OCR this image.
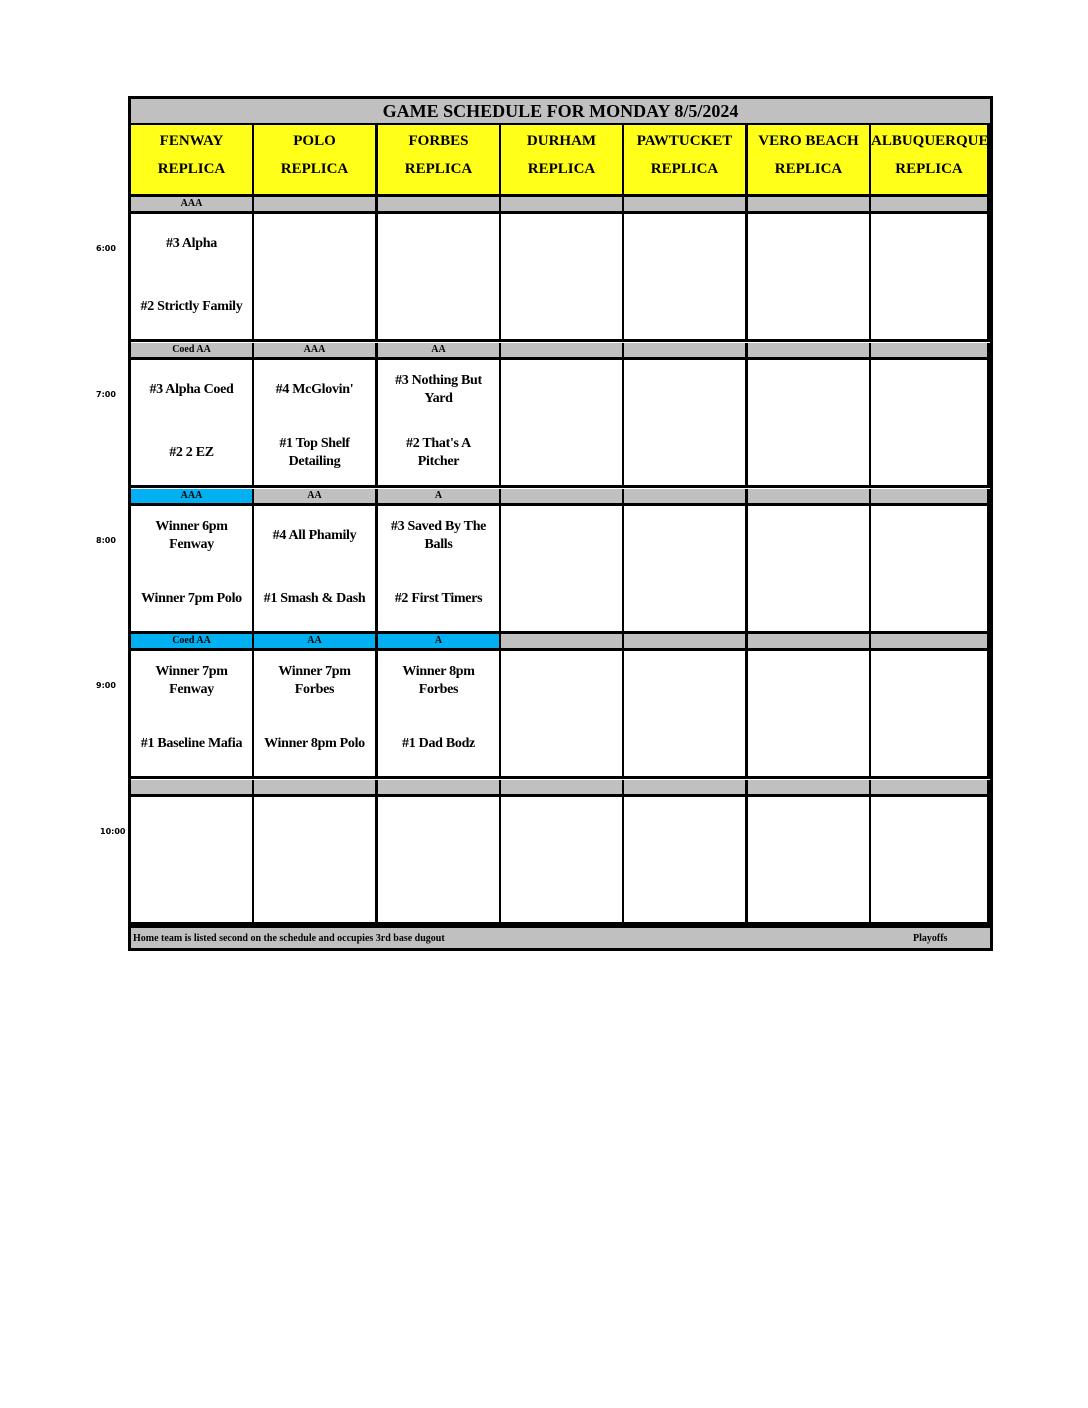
GAME SCHEDULE FOR MONDAY 8/5/2024
FENWAY
REPLICA
POLO
REPLICA
FORBES
REPLICA
DURHAM
REPLICA
PAWTUCKET
REPLICA
VERO BEACH
REPLICA
ALBUQUERQUE
REPLICA
AAA
#3 Alpha
#2 Strictly Family
Coed AA
#3 Alpha Coed
#2 2 EZ
AAA
#4 McGlovin'
#1 Top Shelf
Detailing
AA
#3 Nothing But
Yard
#2 That's A
Pitcher
AAA
Winner 6pm
Fenway
Winner 7pm Polo
AA
#4 All Phamily
#1 Smash & Dash
A
#3 Saved By The
Balls
#2 First Timers
Coed AA
Winner 7pm
Fenway
#1 Baseline Mafia
AA
Winner 7pm
Forbes
Winner 8pm Polo
A
Winner 8pm
Forbes
#1 Dad Bodz
Home team is listed second on the schedule and occupies 3rd base dugout	Playoffs
6:00
7:00
8:00
9:00
10:00
